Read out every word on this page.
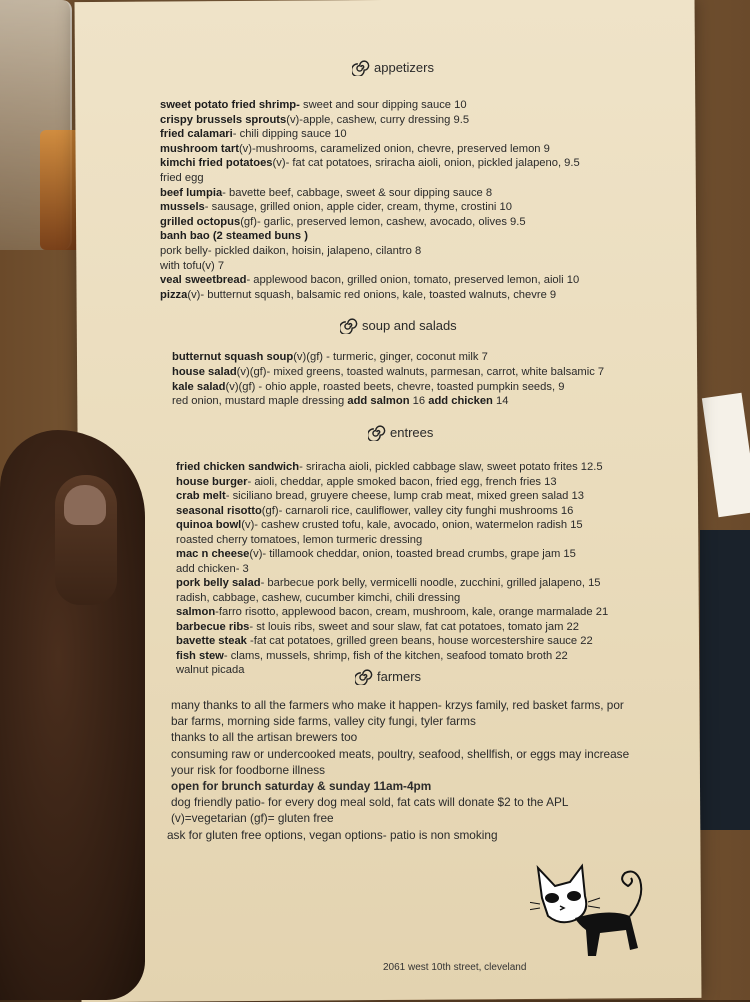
appetizers
sweet potato fried shrimp- sweet and sour dipping sauce 10
crispy brussels sprouts(v)-apple, cashew, curry dressing 9.5
fried calamari- chili dipping sauce 10
mushroom tart(v)-mushrooms, caramelized onion, chevre, preserved lemon 9
kimchi fried potatoes(v)- fat cat potatoes, sriracha aioli, onion, pickled jalapeno, 9.5
fried egg
beef lumpia- bavette beef, cabbage, sweet & sour dipping sauce 8
mussels- sausage, grilled onion, apple cider, cream, thyme, crostini 10
grilled octopus(gf)- garlic, preserved lemon, cashew, avocado, olives 9.5
banh bao (2 steamed buns )
pork belly- pickled daikon, hoisin, jalapeno, cilantro 8
with tofu(v) 7
veal sweetbread- applewood bacon, grilled onion, tomato, preserved lemon, aioli 10
pizza(v)- butternut squash, balsamic red onions, kale, toasted walnuts, chevre 9
soup and salads
butternut squash soup(v)(gf) - turmeric, ginger, coconut milk 7
house salad(v)(gf)- mixed greens, toasted walnuts, parmesan, carrot, white balsamic 7
kale salad(v)(gf) - ohio apple, roasted beets, chevre, toasted pumpkin seeds, 9
red onion, mustard maple dressing add salmon 16 add chicken 14
entrees
fried chicken sandwich- sriracha aioli, pickled cabbage slaw, sweet potato frites 12.5
house burger- aioli, cheddar, apple smoked bacon, fried egg, french fries 13
crab melt- siciliano bread, gruyere cheese, lump crab meat, mixed green salad 13
seasonal risotto(gf)- carnaroli rice, cauliflower, valley city funghi mushrooms 16
quinoa bowl(v)- cashew crusted tofu, kale, avocado, onion, watermelon radish 15
roasted cherry tomatoes, lemon turmeric dressing
mac n cheese(v)- tillamook cheddar, onion, toasted bread crumbs, grape jam 15
add chicken- 3
pork belly salad- barbecue pork belly, vermicelli noodle, zucchini, grilled jalapeno, 15
radish, cabbage, cashew, cucumber kimchi, chili dressing
salmon-farro risotto, applewood bacon, cream, mushroom, kale, orange marmalade 21
barbecue ribs- st louis ribs, sweet and sour slaw, fat cat potatoes, tomato jam 22
bavette steak -fat cat potatoes, grilled green beans, house worcestershire sauce 22
fish stew- clams, mussels, shrimp, fish of the kitchen, seafood tomato broth 22
walnut picada	farmers
many thanks to all the farmers who make it happen- krzys family, red basket farms, por
bar farms, morning side farms, valley city fungi, tyler farms
thanks to all the artisan brewers too
consuming raw or undercooked meats, poultry, seafood, shellfish, or eggs may increase
your risk for foodborne illness
open for brunch saturday & sunday 11am-4pm
dog friendly patio- for every dog meal sold, fat cats will donate $2 to the APL
(v)=vegetarian (gf)= gluten free
ask for gluten free options, vegan options- patio is non smoking
2061 west 10th street, cleveland
